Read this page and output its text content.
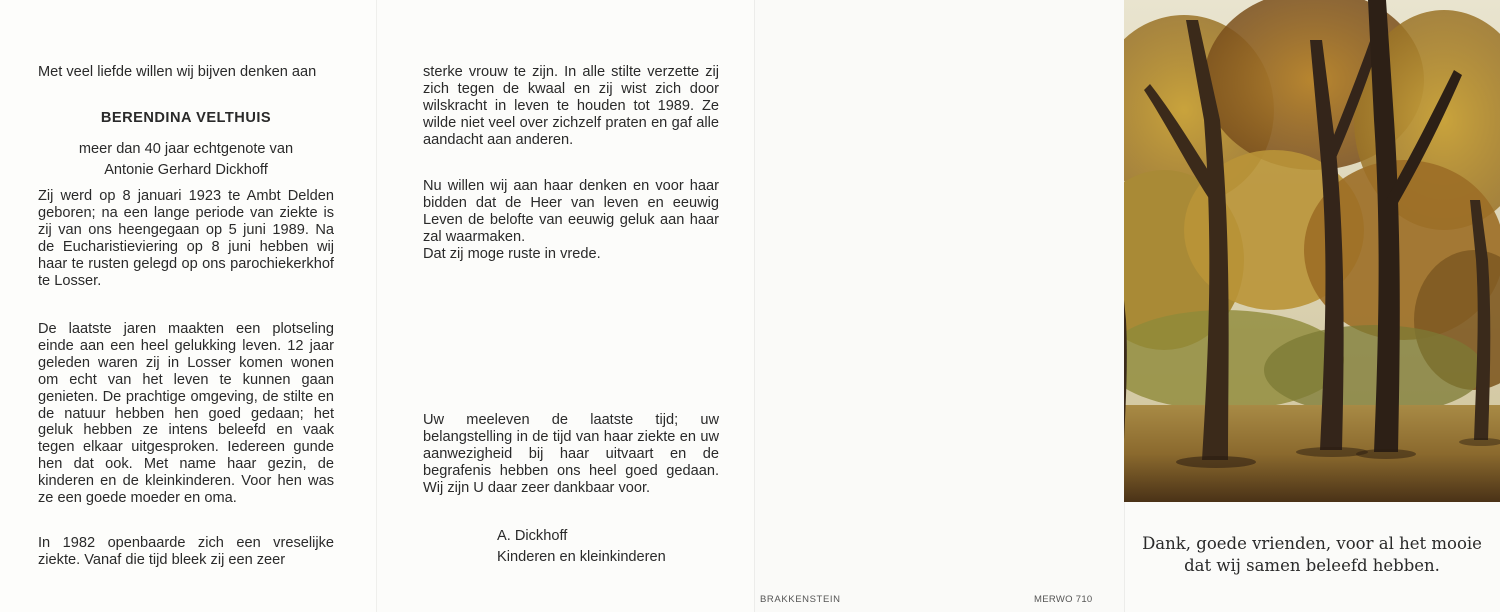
Met veel liefde willen wij bijven denken aan
BERENDINA VELTHUIS

meer dan 40 jaar echtgenote van

Antonie Gerhard Dickhoff

Zij werd op 8 januari 1923 te Ambt Delden geboren; na een lange periode van ziekte is zij van ons heengegaan op 5 juni 1989. Na de Eucharistieviering op 8 juni hebben wij haar te rusten gelegd op ons parochiekerkhof te Losser.
De laatste jaren maakten een plotseling einde aan een heel gelukking leven. 12 jaar geleden waren zij in Losser komen wonen om echt van het leven te kunnen gaan genieten. De prachtige omgeving, de stilte en de natuur hebben hen goed gedaan; het geluk hebben ze intens beleefd en vaak tegen elkaar uitgesproken. Iedereen gunde hen dat ook. Met name haar gezin, de kinderen en de kleinkinderen. Voor hen was ze een goede moeder en oma.
In 1982 openbaarde zich een vreselijke ziekte. Vanaf die tijd bleek zij een zeer
sterke vrouw te zijn. In alle stilte verzette zij zich tegen de kwaal en zij wist zich door wilskracht in leven te houden tot 1989. Ze wilde niet veel over zichzelf praten en gaf alle aandacht aan anderen.

Nu willen wij aan haar denken en voor haar bidden dat de Heer van leven en eeuwig Leven de belofte van eeuwig geluk aan haar zal waarmaken.

Dat zij moge ruste in vrede.

Uw meeleven de laatste tijd; uw belangstelling in de tijd van haar ziekte en uw aanwezigheid bij haar uitvaart en de begrafenis hebben ons heel goed gedaan. Wij zijn U daar zeer dankbaar voor.

A. Dickhoff

Kinderen en kleinkinderen

BRAKKENSTEIN	MERWO 710

Dank, goede vrienden, voor al het mooie

dat wij samen beleefd hebben.
